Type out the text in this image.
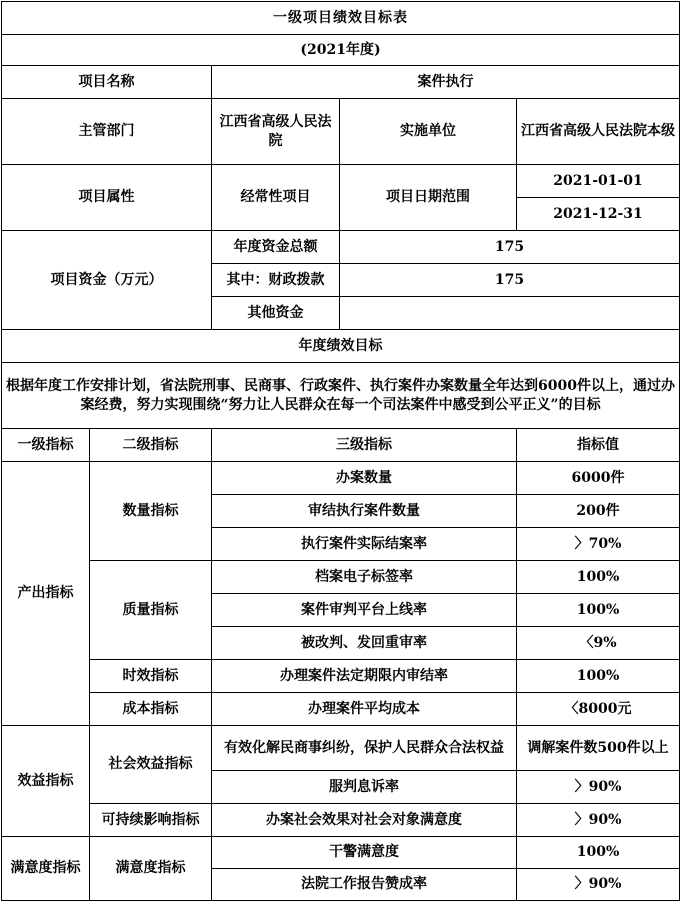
一级项目绩效目标表				
(2021年度)				
项目名称		案件执行		
主管部门		江西省高级人民法院	实施单位	江西省高级人民法院本级
项目属性		经常性项目	项目日期范围	2021-01-01
				2021-12-31
项目资金（万元）		年度资金总额	175	
		其中：财政拨款	175	
		其他资金		
年度绩效目标				
根据年度工作安排计划，省法院刑事、民商事、行政案件、执行案件办案数量全年达到6000件以上，通过办案经费，努力实现围绕“努力让人民群众在每一个司法案件中感受到公平正义”的目标				
一级指标	二级指标	三级指标		指标值
产出指标	数量指标	办案数量		6000件
		审结执行案件数量		200件
		执行案件实际结案率		〉70%
	质量指标	档案电子标签率		100%
		案件审判平台上线率		100%
		被改判、发回重审率		〈9%
	时效指标	办理案件法定期限内审结率		100%
	成本指标	办理案件平均成本		〈8000元
效益指标	社会效益指标	有效化解民商事纠纷，保护人民群众合法权益		调解案件数500件以上
		服判息诉率		〉90%
	可持续影响指标	办案社会效果对社会对象满意度		〉90%
满意度指标	满意度指标	干警满意度		100%
		法院工作报告赞成率		〉90%
